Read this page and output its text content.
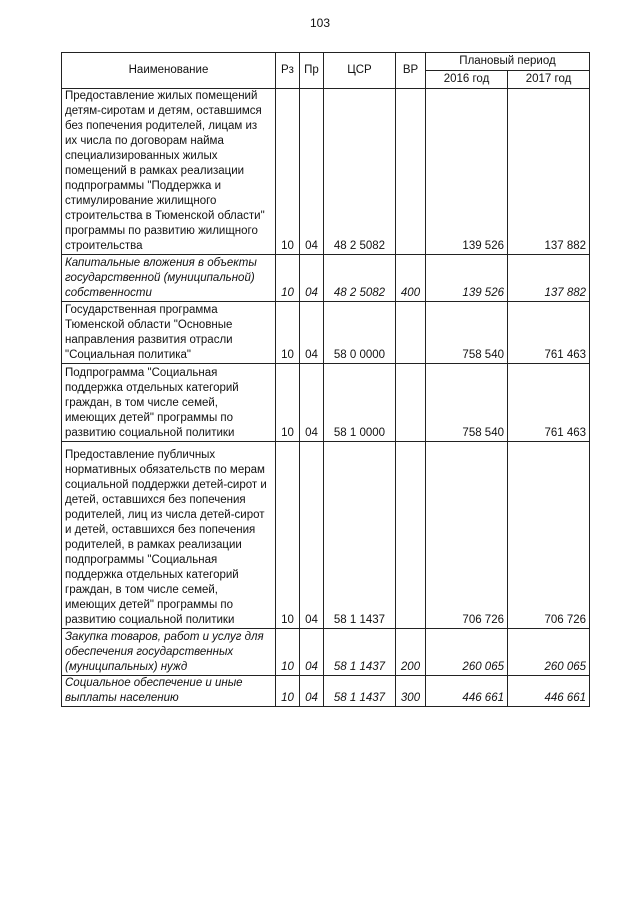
103
Наименование	Рз	Пр	ЦСР	ВР	Плановый период	
					2016 год	2017 год
Предоставление жилых помещений детям-сиротам и детям, оставшимся без попечения родителей, лицам из их числа по договорам найма специализированных жилых помещений в рамках реализации подпрограммы "Поддержка и стимулирование жилищного строительства в Тюменской области" программы по развитию жилищного строительства	10	04	48 2 5082		139 526	137 882
Капитальные вложения в объекты государственной (муниципальной) собственности	10	04	48 2 5082	400	139 526	137 882
Государственная программа Тюменской области "Основные направления развития отрасли "Социальная политика"	10	04	58 0 0000		758 540	761 463
Подпрограмма "Социальная поддержка отдельных категорий граждан, в том числе семей, имеющих детей" программы по развитию социальной политики	10	04	58 1 0000		758 540	761 463
Предоставление публичных нормативных обязательств по мерам социальной поддержки детей-сирот и детей, оставшихся без попечения родителей, лиц из числа детей-сирот и детей, оставшихся без попечения родителей, в рамках реализации подпрограммы "Социальная поддержка отдельных категорий граждан, в том числе семей, имеющих детей" программы по развитию социальной политики	10	04	58 1 1437		706 726	706 726
Закупка товаров, работ и услуг для обеспечения государственных (муниципальных) нужд	10	04	58 1 1437	200	260 065	260 065
Социальное обеспечение и иные выплаты населению	10	04	58 1 1437	300	446 661	446 661
